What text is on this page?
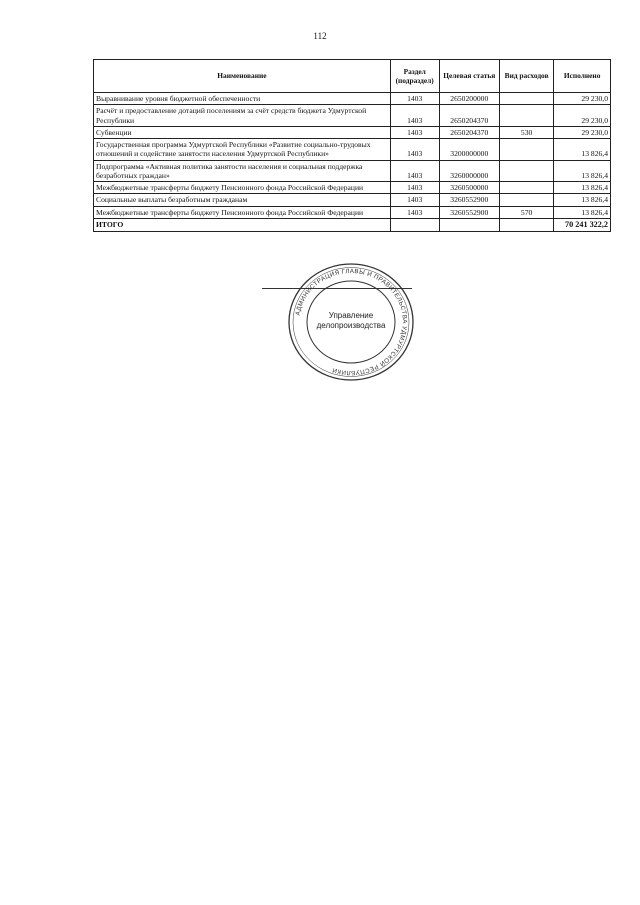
112
Наименование	Раздел (подраздел)	Целевая статья	Вид расходов	Исполнено
Выравнивание уровня бюджетной обеспеченности	1403	2650200000		29 230,0
Расчёт и предоставление дотаций поселениям за счёт средств бюджета Удмуртской Республики	1403	2650204370		29 230,0
Субвенции	1403	2650204370	530	29 230,0
Государственная программа Удмуртской Республики «Развитие социально-трудовых отношений и содействие занятости населения Удмуртской Республики»	1403	3200000000		13 826,4
Подпрограмма «Активная политика занятости населения и социальная поддержка безработных граждан»	1403	3260000000		13 826,4
Межбюджетные трансферты бюджету Пенсионного фонда Российской Федерации	1403	3260500000		13 826,4
Социальные выплаты безработным гражданам	1403	3260552900		13 826,4
Межбюджетные трансферты бюджету Пенсионного фонда Российской Федерации	1403	3260552900	570	13 826,4
ИТОГО				70 241 322,2
АДМИНИСТРАЦИЯ ГЛАВЫ И ПРАВИТЕЛЬСТВА УДМУРТСКОЙ РЕСПУБЛИКИ
Управление
делопроизводства
